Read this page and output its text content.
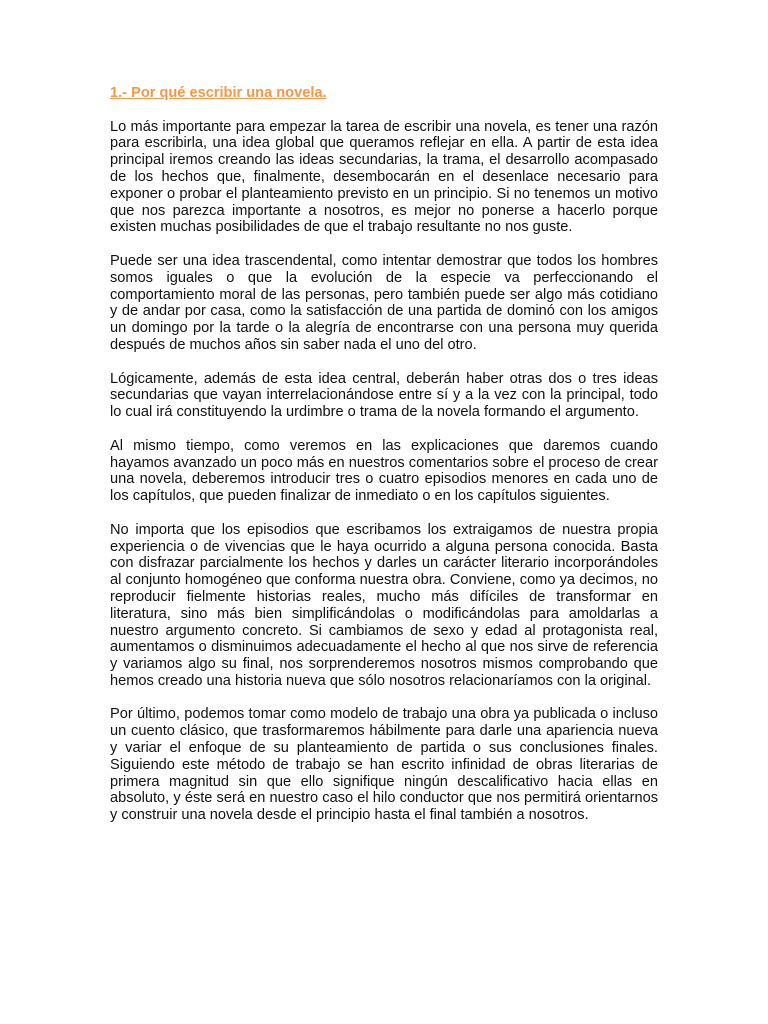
1.- Por qué escribir una novela.

Lo más importante para empezar la tarea de escribir una novela, es tener una razón para escribirla, una idea global que queramos reflejar en ella. A partir de esta idea principal iremos creando las ideas secundarias, la trama, el desarrollo acompasado de los hechos que, finalmente, desembocarán en el desenlace necesario para exponer o probar el planteamiento previsto en un principio. Si no tenemos un motivo que nos parezca importante a nosotros, es mejor no ponerse a hacerlo porque existen muchas posibilidades de que el trabajo resultante no nos guste.

Puede ser una idea trascendental, como intentar demostrar que todos los hombres somos iguales o que la evolución de la especie va perfeccionando el comportamiento moral de las personas, pero también puede ser algo más cotidiano y de andar por casa, como la satisfacción de una partida de dominó con los amigos un domingo por la tarde o la alegría de encontrarse con una persona muy querida después de muchos años sin saber nada el uno del otro.

Lógicamente, además de esta idea central, deberán haber otras dos o tres ideas secundarias que vayan interrelacionándose entre sí y a la vez con la principal, todo lo cual irá constituyendo la urdimbre o trama de la novela formando el argumento.

Al mismo tiempo, como veremos en las explicaciones que daremos cuando hayamos avanzado un poco más en nuestros comentarios sobre el proceso de crear una novela, deberemos introducir tres o cuatro episodios menores en cada uno de los capítulos, que pueden finalizar de inmediato o en los capítulos siguientes.

No importa que los episodios que escribamos los extraigamos de nuestra propia experiencia o de vivencias que le haya ocurrido a alguna persona conocida. Basta con disfrazar parcialmente los hechos y darles un carácter literario incorporándoles al conjunto homogéneo que conforma nuestra obra. Conviene, como ya decimos, no reproducir fielmente historias reales, mucho más difíciles de transformar en literatura, sino más bien simplificándolas o modificándolas para amoldarlas a nuestro argumento concreto. Si cambiamos de sexo y edad al protagonista real, aumentamos o disminuimos adecuadamente el hecho al que nos sirve de referencia y variamos algo su final, nos sorprenderemos nosotros mismos comprobando que hemos creado una historia nueva que sólo nosotros relacionaríamos con la original.

Por último, podemos tomar como modelo de trabajo una obra ya publicada o incluso un cuento clásico, que trasformaremos hábilmente para darle una apariencia nueva y variar el enfoque de su planteamiento de partida o sus conclusiones finales. Siguiendo este método de trabajo se han escrito infinidad de obras literarias de primera magnitud sin que ello signifique ningún descalificativo hacia ellas en absoluto, y éste será en nuestro caso el hilo conductor que nos permitirá orientarnos y construir una novela desde el principio hasta el final también a nosotros.
